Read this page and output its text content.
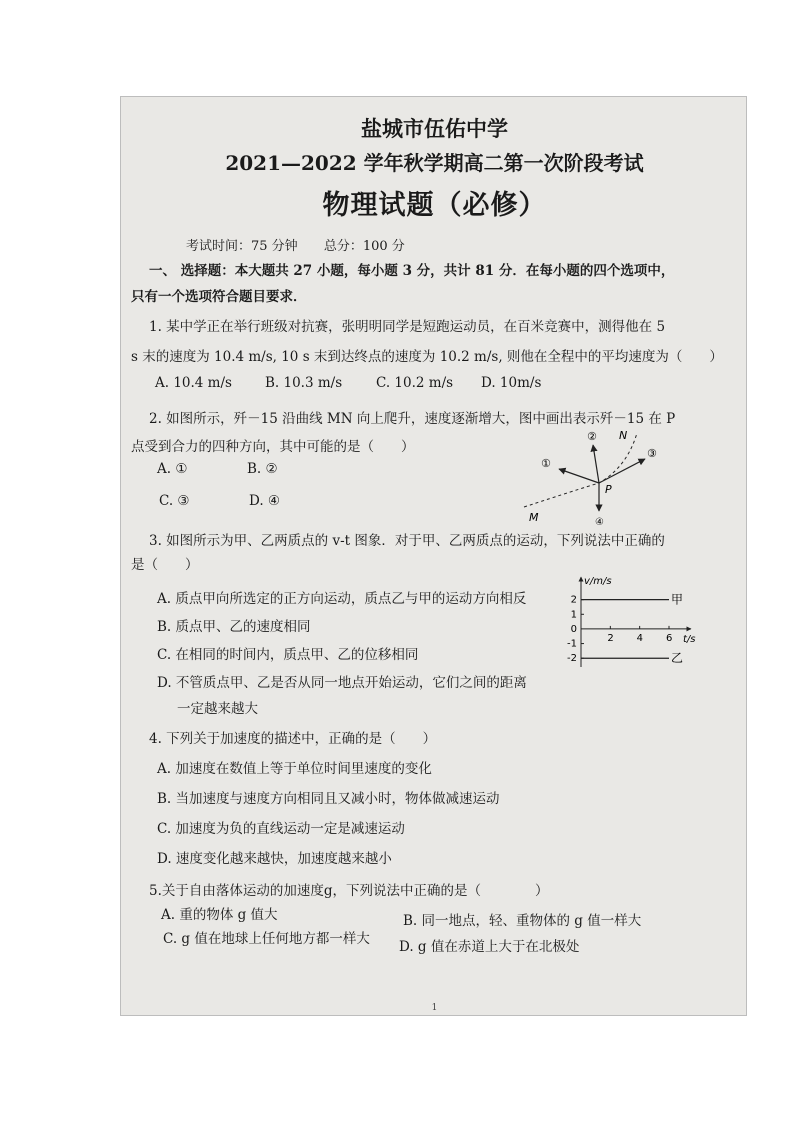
盐城市伍佑中学
2021—2022 学年秋学期高二第一次阶段考试
物理试题（必修）
考试时间：75 分钟 总分：100 分
一、 选择题：本大题共 27 小题，每小题 3 分，共计 81 分．在每小题的四个选项中，
只有一个选项符合题目要求．
1. 某中学正在举行班级对抗赛，张明明同学是短跑运动员，在百米竞赛中，测得他在 5
s 末的速度为 10.4 m/s, 10 s 末到达终点的速度为 10.2 m/s, 则他在全程中的平均速度为（　　）
A. 10.4 m/s B. 10.3 m/s	C. 10.2 m/s D. 10m/s
2. 如图所示，歼－15 沿曲线 MN 向上爬升，速度逐渐增大，图中画出表示歼－15 在 P
点受到合力的四种方向，其中可能的是（　　）
A. ①	B. ②
C. ③	D. ④
①
②
③
④
N
M
P
3. 如图所示为甲、乙两质点的 v-t 图象．对于甲、乙两质点的运动，下列说法中正确的
是（　　）
A. 质点甲向所选定的正方向运动，质点乙与甲的运动方向相反
B. 质点甲、乙的速度相同
C. 在相同的时间内，质点甲、乙的位移相同
D. 不管质点甲、乙是否从同一地点开始运动，它们之间的距离
一定越来越大
v/m/s
t/s
2 4 6
2
1
0
-1
-2
甲
乙
4. 下列关于加速度的描述中，正确的是（　　）
A. 加速度在数值上等于单位时间里速度的变化
B. 当加速度与速度方向相同且又减小时，物体做减速运动
C. 加速度为负的直线运动一定是减速运动
D. 速度变化越来越快，加速度越来越小
5.关于自由落体运动的加速度g，下列说法中正确的是（　　　　）
A. 重的物体 g 值大	B. 同一地点，轻、重物体的 g 值一样大
C. g 值在地球上任何地方都一样大 D. g 值在赤道上大于在北极处
1
